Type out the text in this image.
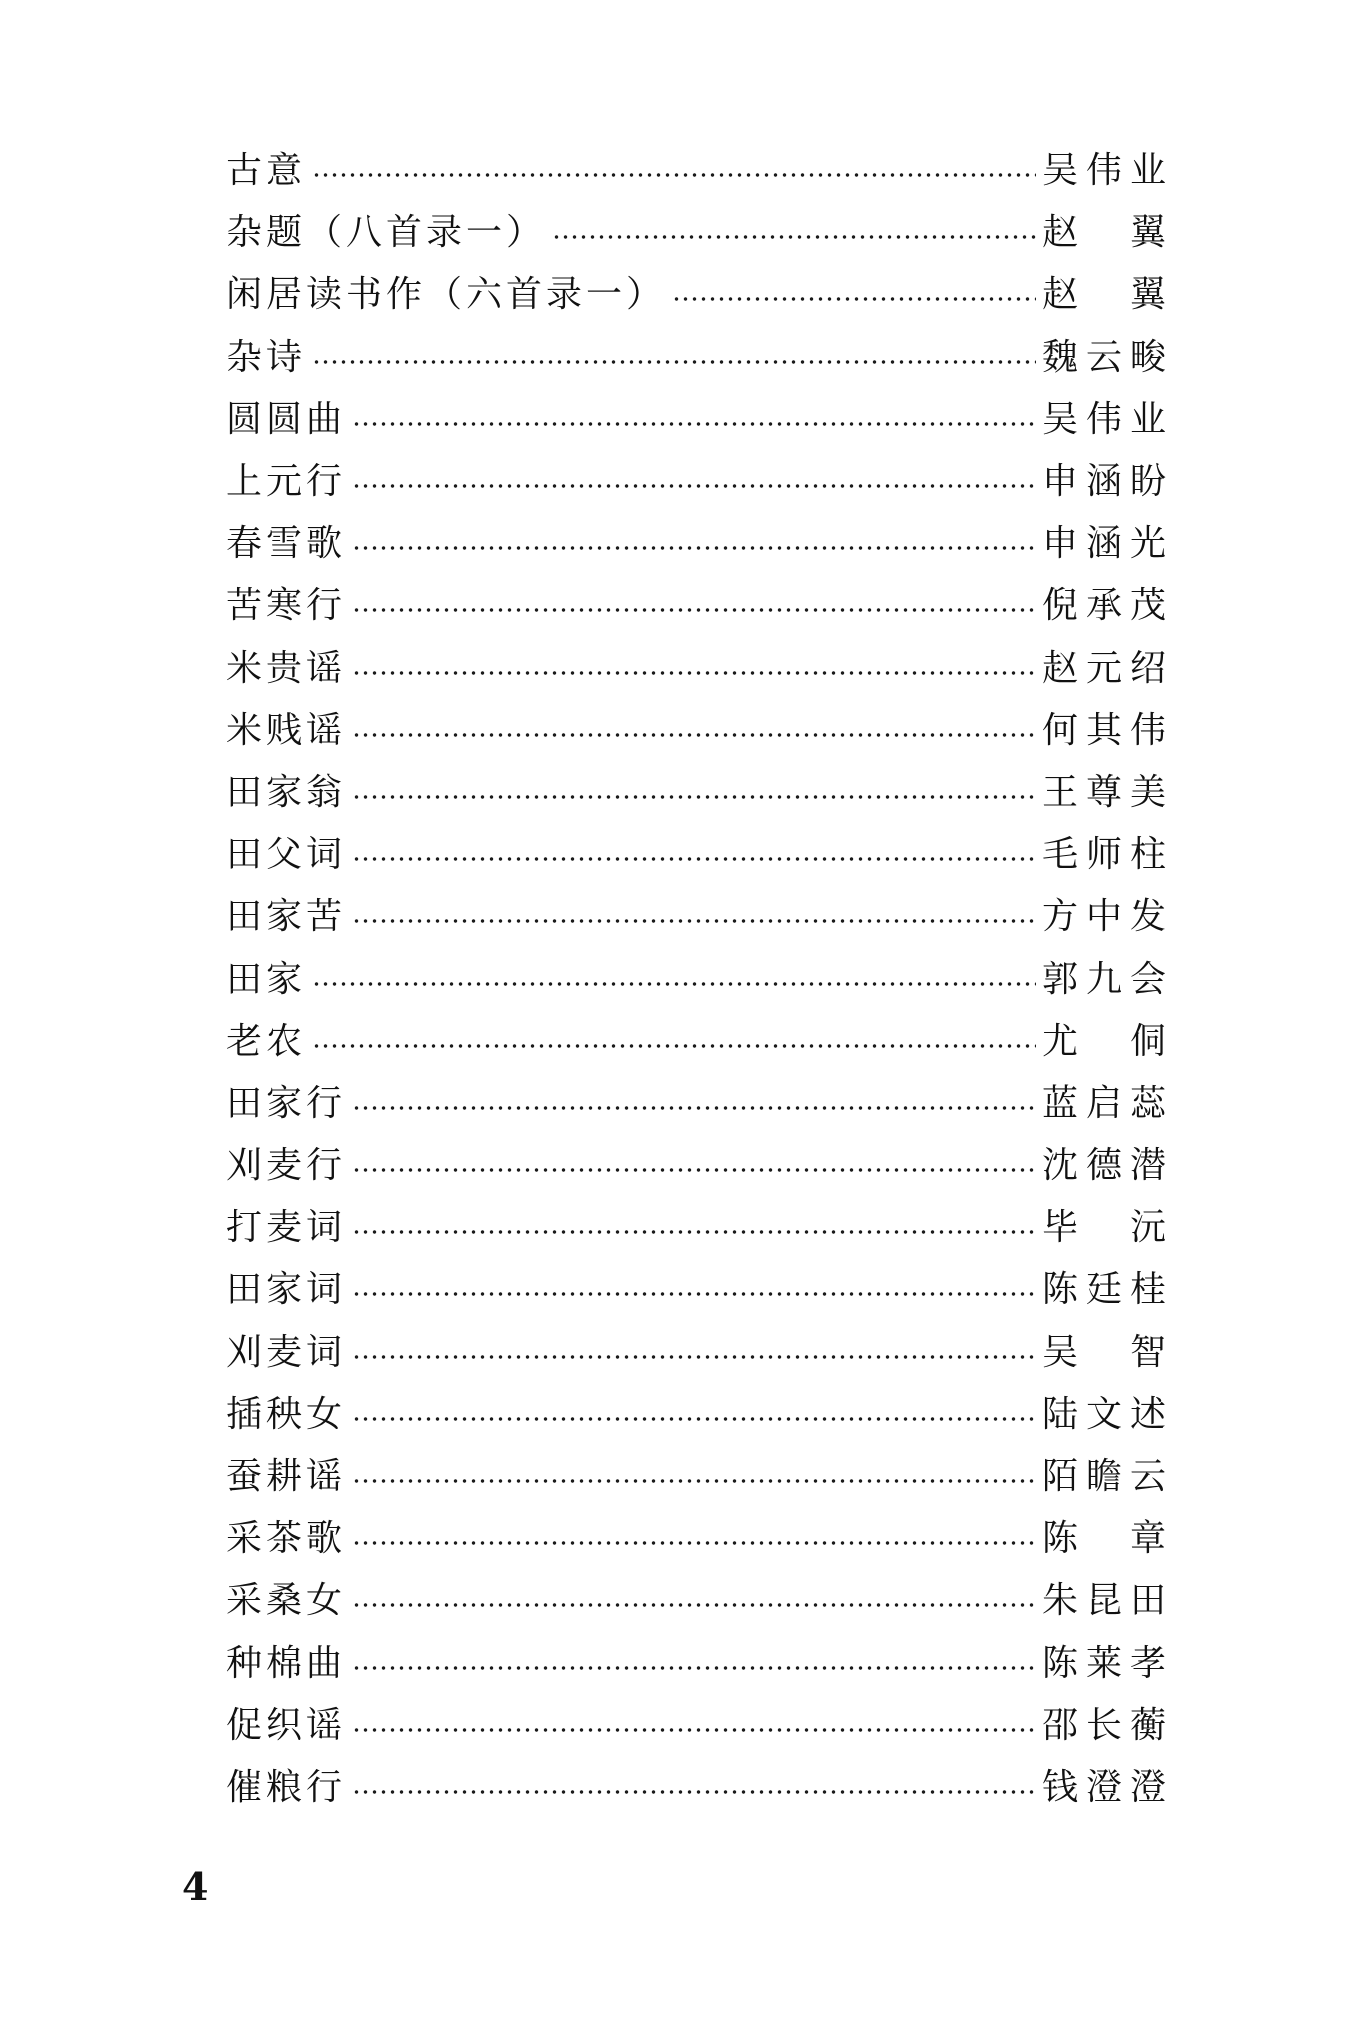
古意	吴伟业
杂题（八首录一）	赵　翼
闲居读书作（六首录一）	赵　翼
杂诗	魏云畯
圆圆曲	吴伟业
上元行	申涵盼
春雪歌	申涵光
苦寒行	倪承茂
米贵谣	赵元绍
米贱谣	何其伟
田家翁	王尊美
田父词	毛师柱
田家苦	方中发
田家	郭九会
老农	尤　侗
田家行	蓝启蕊
刈麦行	沈德潜
打麦词	毕　沅
田家词	陈廷桂
刈麦词	吴　智
插秧女	陆文述
蚕耕谣	陌瞻云
采茶歌	陈　章
采桑女	朱昆田
种棉曲	陈莱孝
促织谣	邵长蘅
催粮行	钱澄澄
4
